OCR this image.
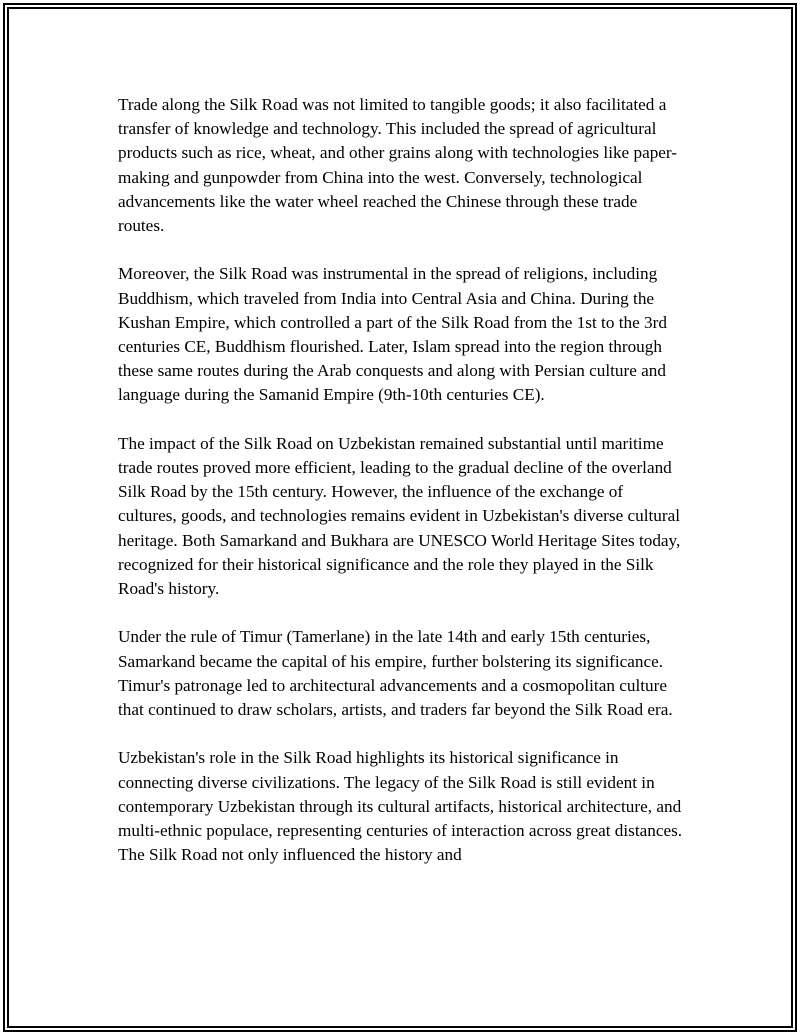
Trade along the Silk Road was not limited to tangible goods; it also facilitated a transfer of knowledge and technology. This included the spread of agricultural products such as rice, wheat, and other grains along with technologies like paper-making and gunpowder from China into the west. Conversely, technological advancements like the water wheel reached the Chinese through these trade routes.

Moreover, the Silk Road was instrumental in the spread of religions, including Buddhism, which traveled from India into Central Asia and China. During the Kushan Empire, which controlled a part of the Silk Road from the 1st to the 3rd centuries CE, Buddhism flourished. Later, Islam spread into the region through these same routes during the Arab conquests and along with Persian culture and language during the Samanid Empire (9th-10th centuries CE).

The impact of the Silk Road on Uzbekistan remained substantial until maritime trade routes proved more efficient, leading to the gradual decline of the overland Silk Road by the 15th century. However, the influence of the exchange of cultures, goods, and technologies remains evident in Uzbekistan's diverse cultural heritage. Both Samarkand and Bukhara are UNESCO World Heritage Sites today, recognized for their historical significance and the role they played in the Silk Road's history.

Under the rule of Timur (Tamerlane) in the late 14th and early 15th centuries, Samarkand became the capital of his empire, further bolstering its significance. Timur's patronage led to architectural advancements and a cosmopolitan culture that continued to draw scholars, artists, and traders far beyond the Silk Road era.

Uzbekistan's role in the Silk Road highlights its historical significance in connecting diverse civilizations. The legacy of the Silk Road is still evident in contemporary Uzbekistan through its cultural artifacts, historical architecture, and multi-ethnic populace, representing centuries of interaction across great distances. The Silk Road not only influenced the history and
